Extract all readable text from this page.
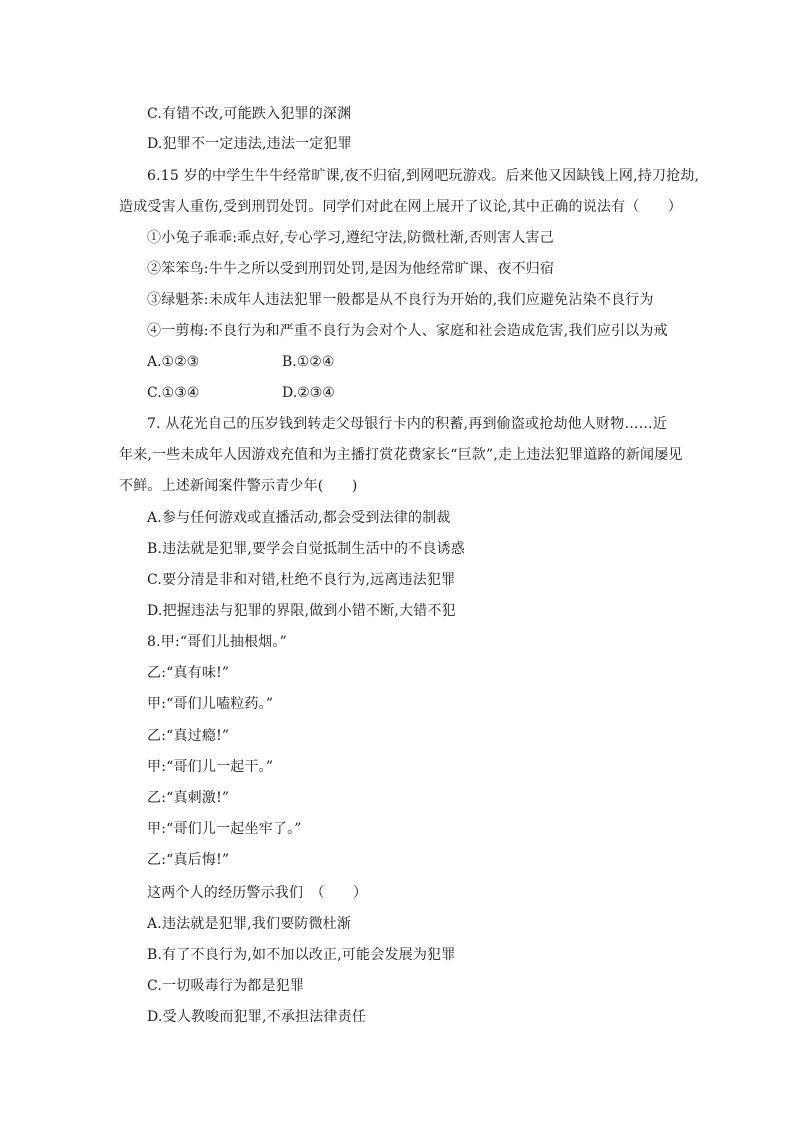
C.有错不改,可能跌入犯罪的深渊
D.犯罪不一定违法,违法一定犯罪
6.15 岁的中学生牛牛经常旷课,夜不归宿,到网吧玩游戏。后来他又因缺钱上网,持刀抢劫,
造成受害人重伤,受到刑罚处罚。同学们对此在网上展开了议论,其中正确的说法有（　　）
①小兔子乖乖:乖点好,专心学习,遵纪守法,防微杜渐,否则害人害己
②笨笨鸟:牛牛之所以受到刑罚处罚,是因为他经常旷课、夜不归宿
③绿魁茶:未成年人违法犯罪一般都是从不良行为开始的,我们应避免沾染不良行为
④一剪梅:不良行为和严重不良行为会对个人、家庭和社会造成危害,我们应引以为戒
A.①②③	B.①②④
C.①③④	D.②③④
7. 从花光自己的压岁钱到转走父母银行卡内的积蓄,再到偷盗或抢劫他人财物……近
年来,一些未成年人因游戏充值和为主播打赏花费家长“巨款”,走上违法犯罪道路的新闻屡见
不鲜。上述新闻案件警示青少年(　　)
A.参与任何游戏或直播活动,都会受到法律的制裁
B.违法就是犯罪,要学会自觉抵制生活中的不良诱惑
C.要分清是非和对错,杜绝不良行为,远离违法犯罪
D.把握违法与犯罪的界限,做到小错不断,大错不犯
8.甲:“哥们儿抽根烟。”
乙:“真有味!”
甲:“哥们儿嗑粒药。”
乙:“真过瘾!”
甲:“哥们儿一起干。”
乙:“真刺激!”
甲:“哥们儿一起坐牢了。”
乙:“真后悔!”
这两个人的经历警示我们　（　　）
A.违法就是犯罪,我们要防微杜渐
B.有了不良行为,如不加以改正,可能会发展为犯罪
C.一切吸毒行为都是犯罪
D.受人教唆而犯罪,不承担法律责任
